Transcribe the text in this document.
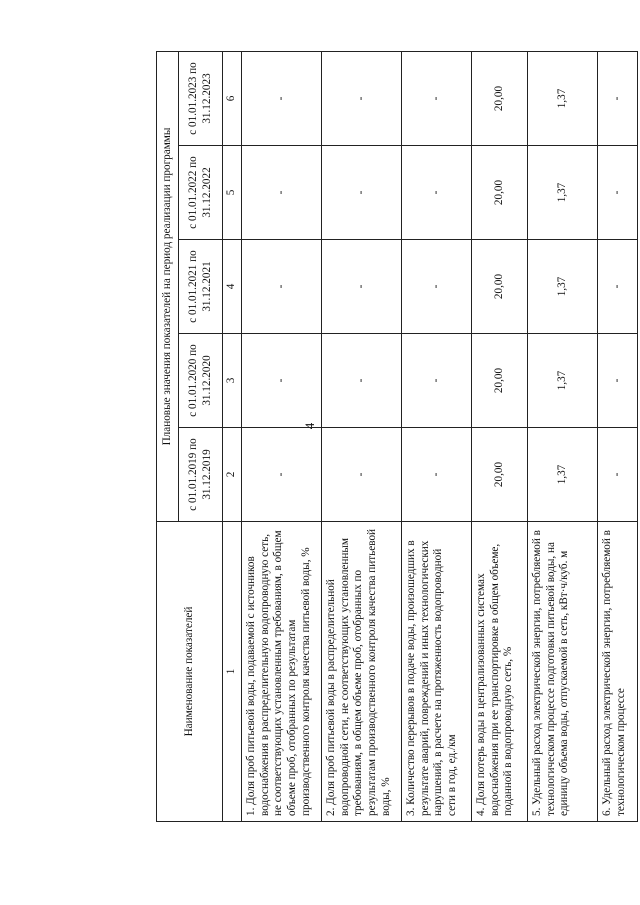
4
Наименование показателей	Плановые значения показателей на период реализации программы				
	с 01.01.2019 по 31.12.2019	с 01.01.2020 по 31.12.2020	с 01.01.2021 по 31.12.2021	с 01.01.2022 по 31.12.2022	с 01.01.2023 по 31.12.2023
1	2	3	4	5	6
1. Доля проб питьевой воды, подаваемой с источников водоснабжения в распределительную водопроводную сеть, не соответствующих установленным требованиям, в общем объеме проб, отобранных по результатам производственного контроля качества питьевой воды, %	-	-	-	-	-
2. Доля проб питьевой воды в распределительной водопроводной сети, не соответствующих установленным требованиям, в общем объеме проб, отобранных по результатам производственного контроля качества питьевой воды, %	-	-	-	-	-
3. Количество перерывов в подаче воды, произошедших в результате аварий, повреждений и иных технологических нарушений, в расчете на протяженность водопроводной сети в год, ед./км	-	-	-	-	-
4. Доля потерь воды в централизованных системах водоснабжения при ее транспортировке в общем объеме, поданной в водопроводную сеть, %	20,00	20,00	20,00	20,00	20,00
5. Удельный расход электрической энергии, потребляемой в технологическом процессе подготовки питьевой воды, на единицу объема воды, отпускаемой в сеть, кВт·ч/куб. м	1,37	1,37	1,37	1,37	1,37
6. Удельный расход электрической энергии, потребляемой в технологическом процессе	-	-	-	-	-
